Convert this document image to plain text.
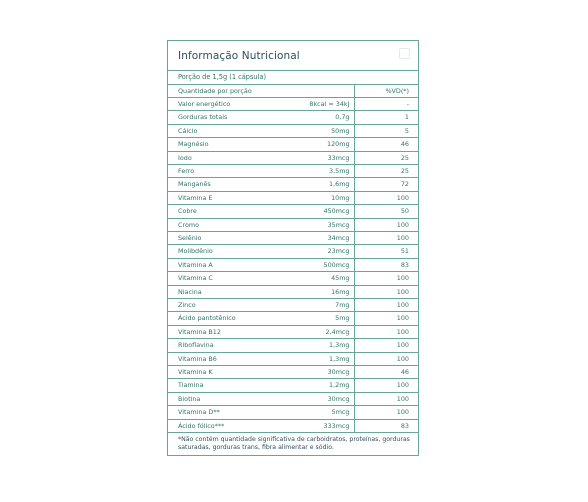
Informação Nutricional
Porção de 1,5g (1 cápsula)
Quantidade por porção		%VD(*)
Valor energético	8kcal = 34kJ	-
Gorduras totais	0,7g	1
Cálcio	50mg	5
Magnésio	120mg	46
Iodo	33mcg	25
Ferro	3,5mg	25
Manganês	1,6mg	72
Vitamina E	10mg	100
Cobre	450mcg	50
Cromo	35mcg	100
Selênio	34mcg	100
Molibdênio	23mcg	51
Vitamina A	500mcg	83
Vitamina C	45mg	100
Niacina	16mg	100
Zinco	7mg	100
Ácido pantotênico	5mg	100
Vitamina B12	2,4mcg	100
Riboflavina	1,3mg	100
Vitamina B6	1,3mg	100
Vitamina K	30mcg	46
Tiamina	1,2mg	100
Biotina	30mcg	100
Vitamina D**	5mcg	100
Ácido fólico***	333mcg	83
*Não contém quantidade significativa de carboidratos, proteínas, gorduras saturadas, gorduras trans, fibra alimentar e sódio.
